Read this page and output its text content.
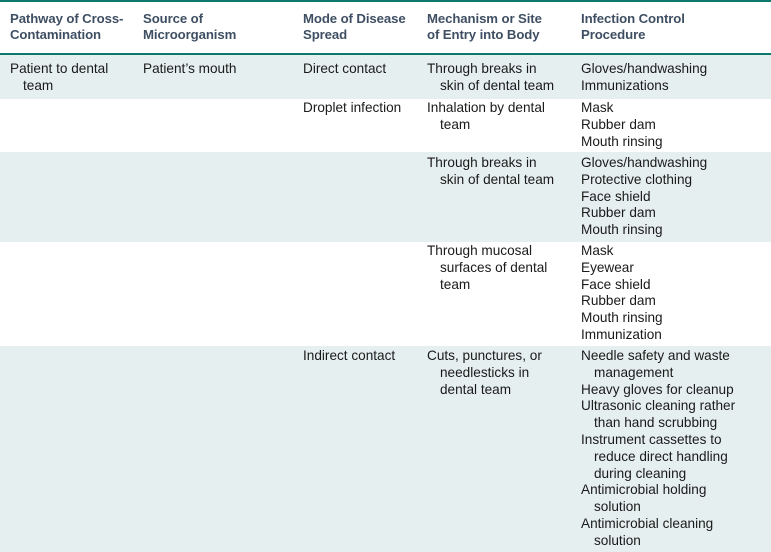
Pathway of Cross-
Contamination
Source of
Microorganism
Mode of Disease
Spread
Mechanism or Site
of Entry into Body
Infection Control
Procedure
Patient to dental
team
Patient’s mouth	Direct contact	Through breaks in
skin of dental team
Gloves/handwashing
Immunizations
Droplet infection Inhalation by dental
team
Mask
Rubber dam
Mouth rinsing
Through breaks in
skin of dental team
Gloves/handwashing
Protective clothing
Face shield
Rubber dam
Mouth rinsing
Through mucosal
surfaces of dental
team
Mask
Eyewear
Face shield
Rubber dam
Mouth rinsing
Immunization
Indirect contact Cuts, punctures, or
needlesticks in
dental team
Needle safety and waste
management
Heavy gloves for cleanup
Ultrasonic cleaning rather
than hand scrubbing
Instrument cassettes to
reduce direct handling
during cleaning
Antimicrobial holding
solution
Antimicrobial cleaning
solution
